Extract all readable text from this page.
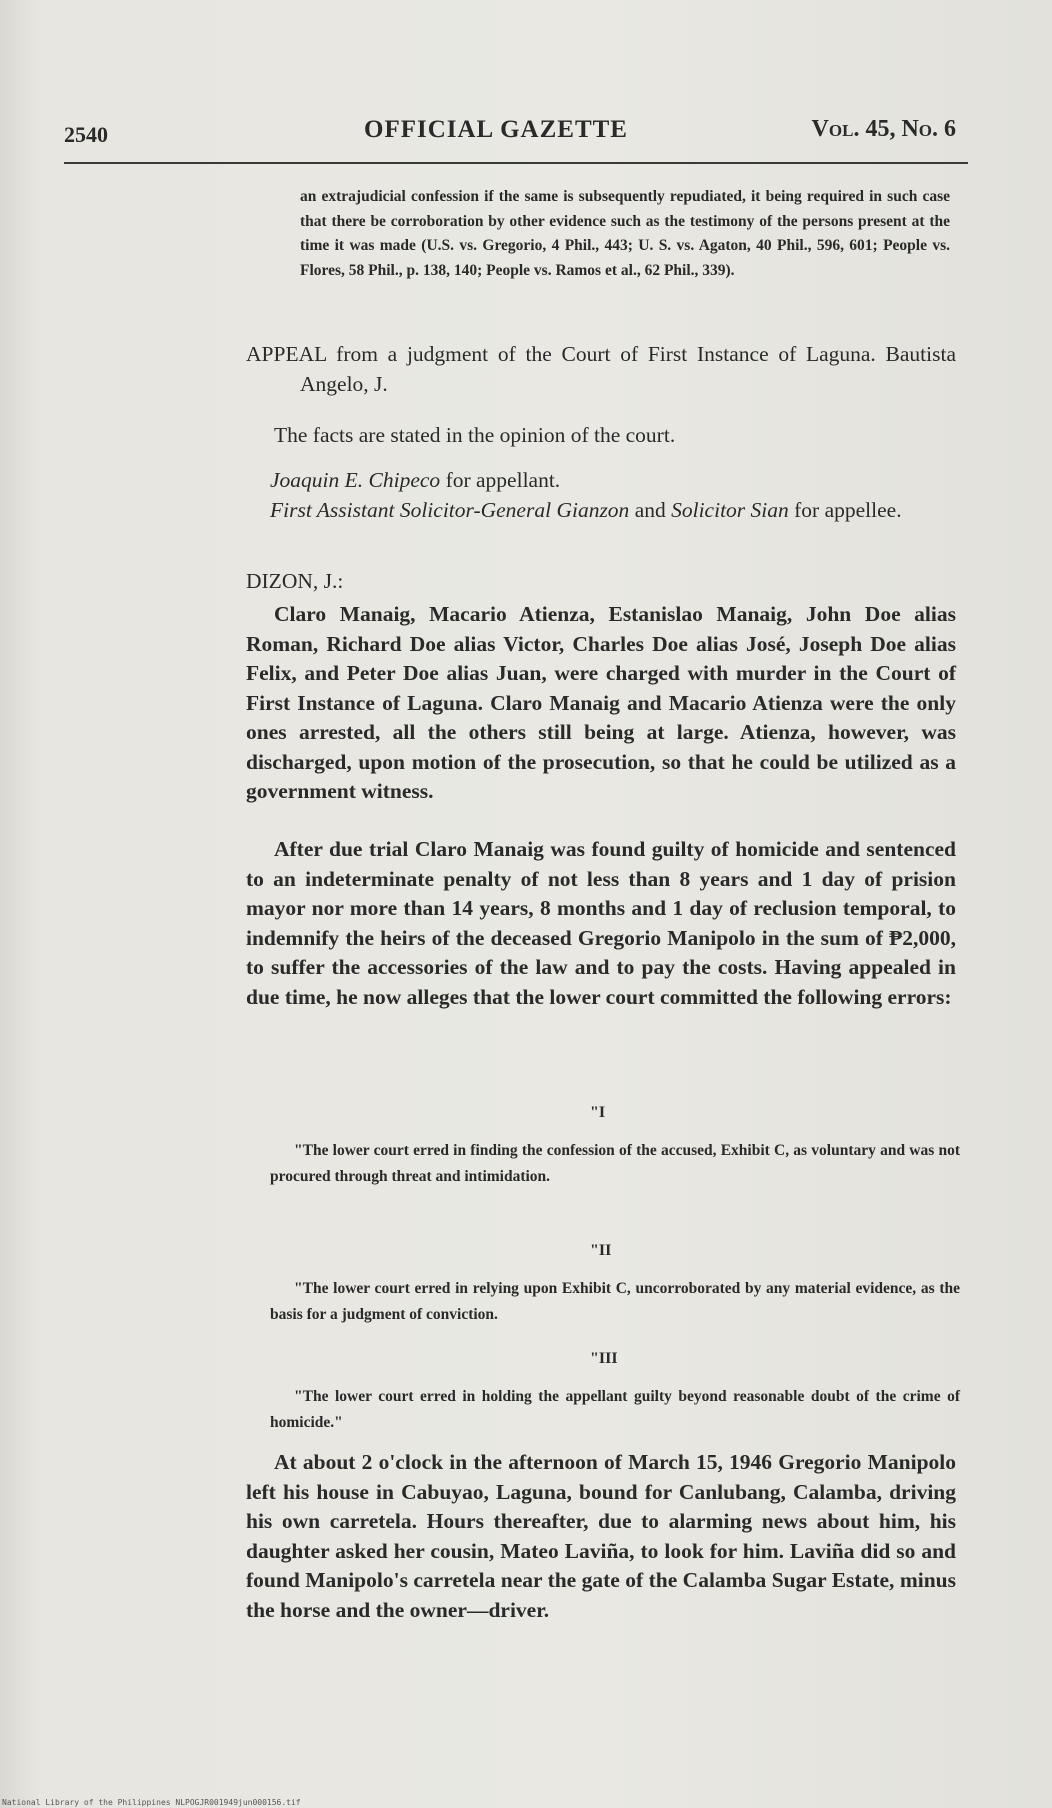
2540	OFFICIAL GAZETTE	Vol. 45, No. 6
an extrajudicial confession if the same is subsequently repudiated, it being required in such case that there be corroboration by other evidence such as the testimony of the persons present at the time it was made (U.S. vs. Gregorio, 4 Phil., 443; U. S. vs. Agaton, 40 Phil., 596, 601; People vs. Flores, 58 Phil., p. 138, 140; People vs. Ramos et al., 62 Phil., 339).
APPEAL from a judgment of the Court of First Instance of Laguna. Bautista Angelo, J.
The facts are stated in the opinion of the court.
Joaquin E. Chipeco for appellant.
First Assistant Solicitor-General Gianzon and Solicitor Sian for appellee.
DIZON, J.:
Claro Manaig, Macario Atienza, Estanislao Manaig, John Doe alias Roman, Richard Doe alias Victor, Charles Doe alias José, Joseph Doe alias Felix, and Peter Doe alias Juan, were charged with murder in the Court of First Instance of Laguna. Claro Manaig and Macario Atienza were the only ones arrested, all the others still being at large. Atienza, however, was discharged, upon motion of the prosecution, so that he could be utilized as a government witness.
After due trial Claro Manaig was found guilty of homicide and sentenced to an indeterminate penalty of not less than 8 years and 1 day of prision mayor nor more than 14 years, 8 months and 1 day of reclusion temporal, to indemnify the heirs of the deceased Gregorio Manipolo in the sum of ₱2,000, to suffer the accessories of the law and to pay the costs. Having appealed in due time, he now alleges that the lower court committed the following errors:
"I
"The lower court erred in finding the confession of the accused, Exhibit C, as voluntary and was not procured through threat and intimidation.
"II
"The lower court erred in relying upon Exhibit C, uncorroborated by any material evidence, as the basis for a judgment of conviction.
"III
"The lower court erred in holding the appellant guilty beyond reasonable doubt of the crime of homicide."
At about 2 o'clock in the afternoon of March 15, 1946 Gregorio Manipolo left his house in Cabuyao, Laguna, bound for Canlubang, Calamba, driving his own carretela. Hours thereafter, due to alarming news about him, his daughter asked her cousin, Mateo Laviña, to look for him. Laviña did so and found Manipolo's carretela near the gate of the Calamba Sugar Estate, minus the horse and the owner—driver.
National Library of the Philippines NLPOGJR001949jun000156.tif
